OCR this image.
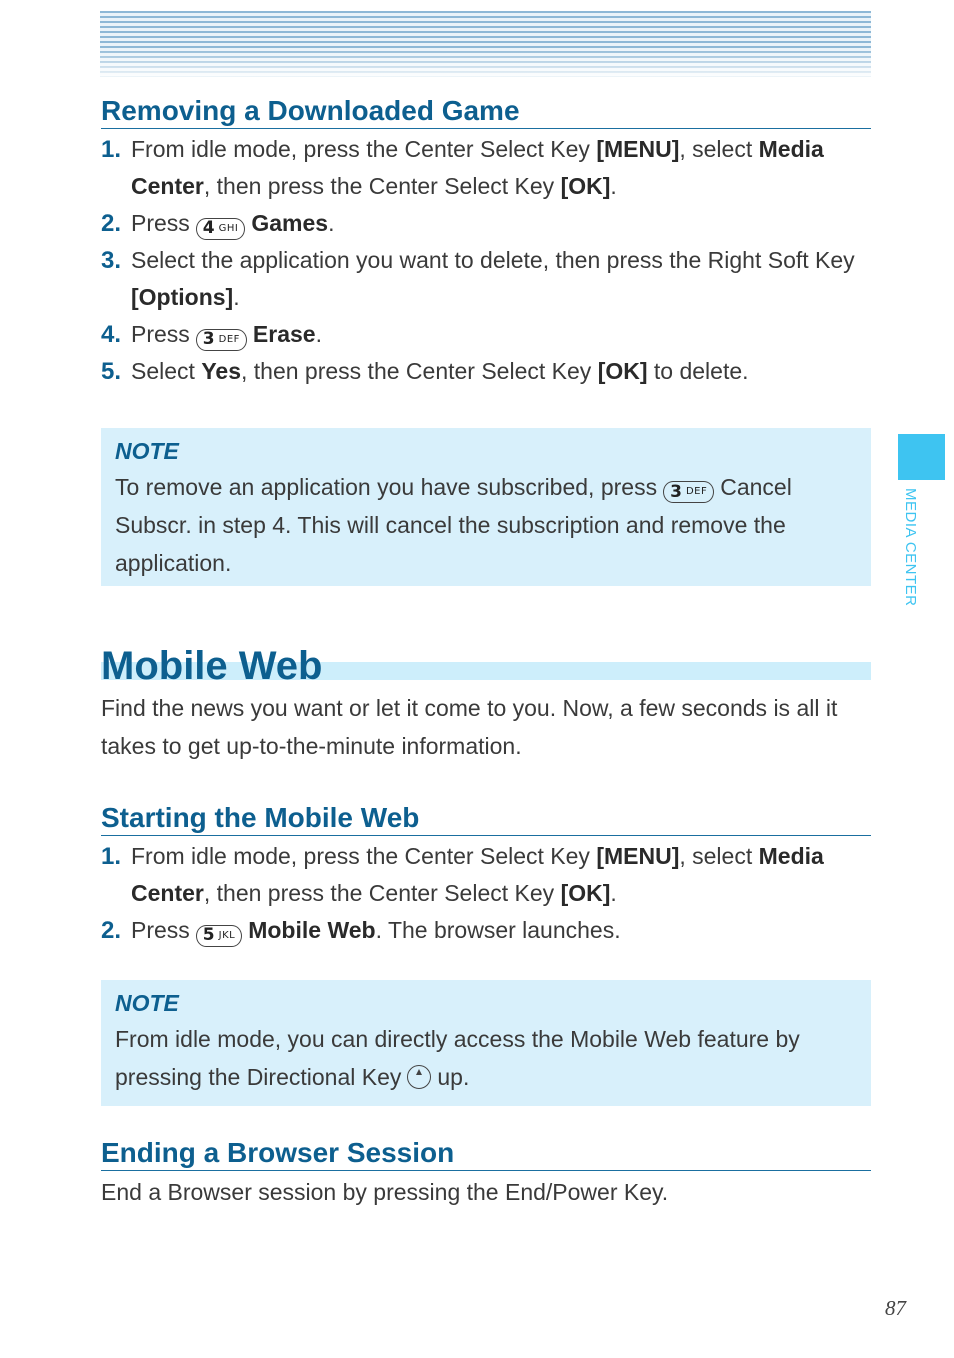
MEDIA CENTER
Removing a Downloaded Game
1. From idle mode, press the Center Select Key [MENU], select Media Center, then press the Center Select Key [OK].
2. Press 4 GHI Games.
3. Select the application you want to delete, then press the Right Soft Key [Options].
4. Press 3 DEF Erase.
5. Select Yes, then press the Center Select Key [OK] to delete.
NOTE
To remove an application you have subscribed, press 3 DEF Cancel Subscr. in step 4. This will cancel the subscription and remove the application.
Mobile Web

Find the news you want or let it come to you. Now, a few seconds is all it takes to get up-to-the-minute information.

Starting the Mobile Web
1. From idle mode, press the Center Select Key [MENU], select Media Center, then press the Center Select Key [OK].
2. Press 5 JKL Mobile Web. The browser launches.
NOTE
From idle mode, you can directly access the Mobile Web feature by pressing the Directional Key up.
Ending a Browser Session

End a Browser session by pressing the End/Power Key.

87
